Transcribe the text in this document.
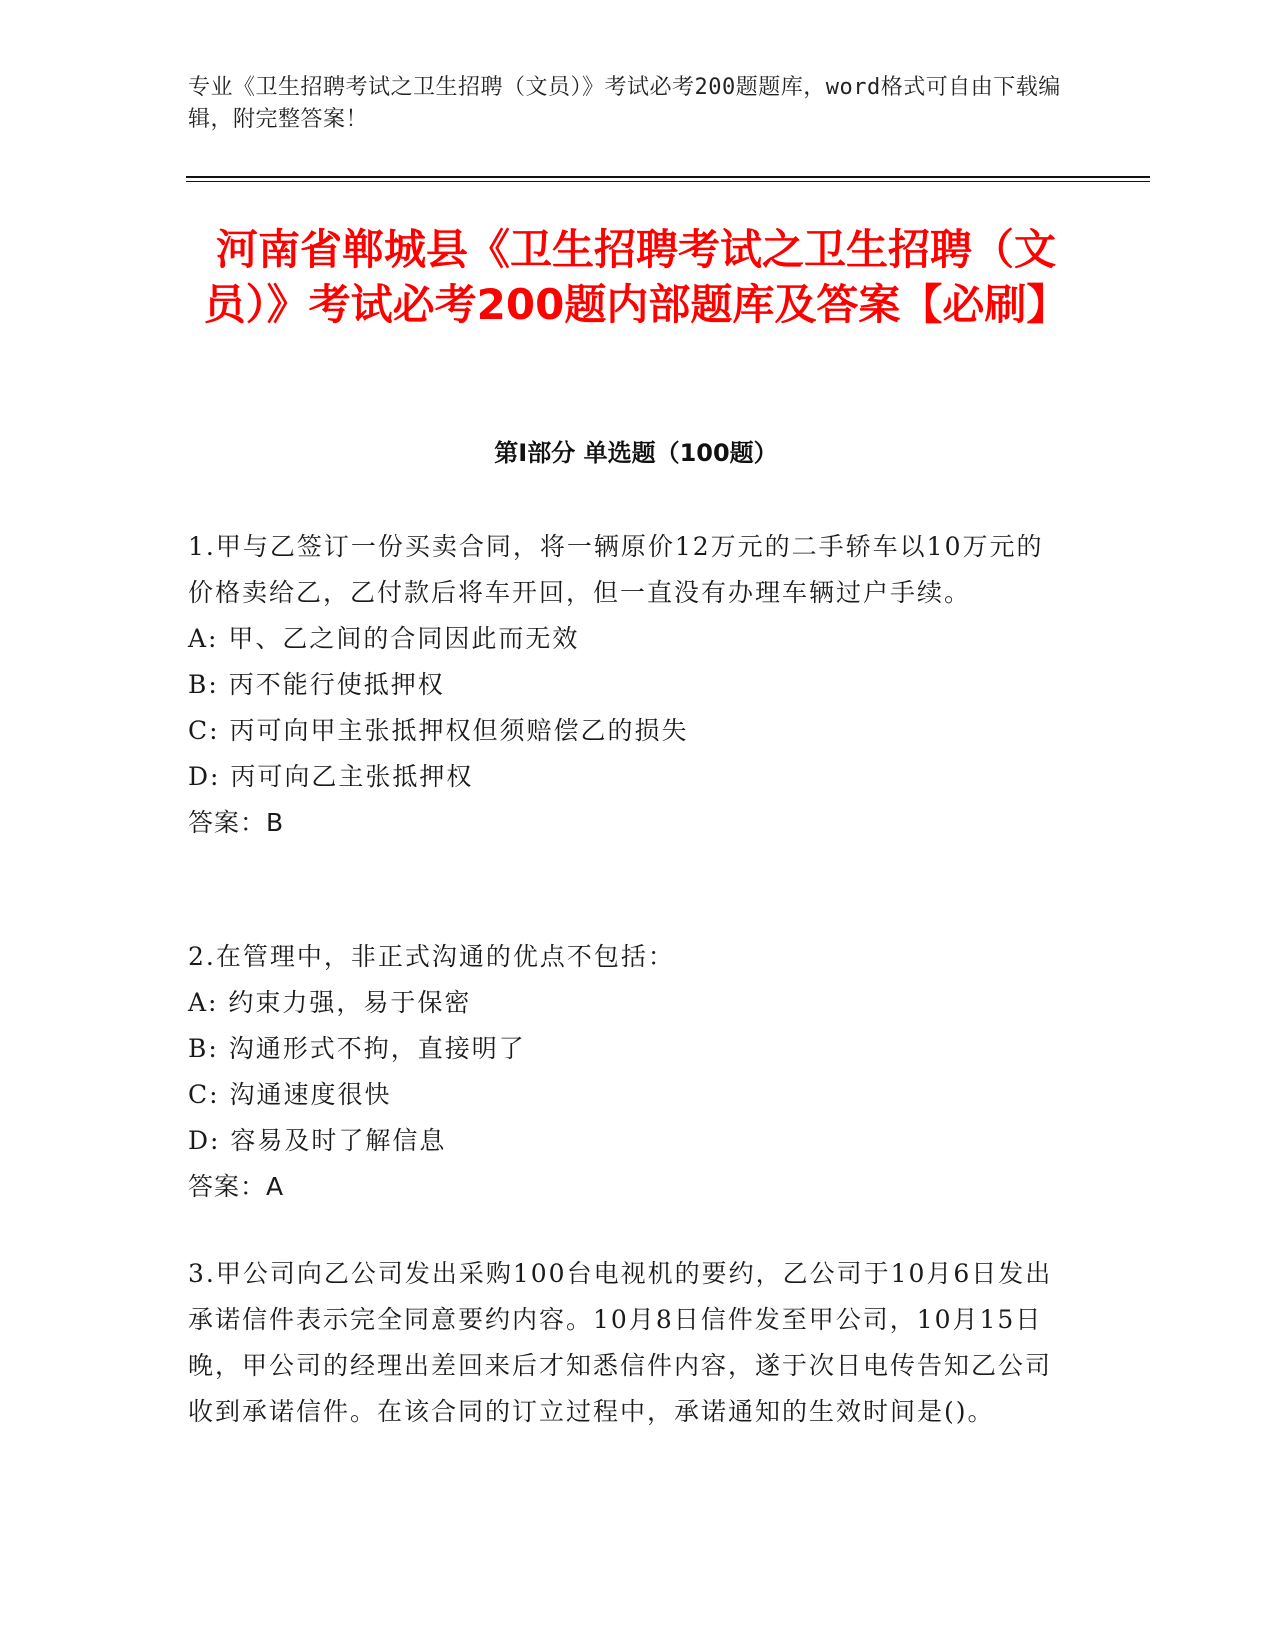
专业《卫生招聘考试之卫生招聘（文员）》考试必考200题题库，word格式可自由下载编辑，附完整答案！
河南省郸城县《卫生招聘考试之卫生招聘（文员）》考试必考200题内部题库及答案【必刷】
第I部分 单选题（100题）

1.甲与乙签订一份买卖合同，将一辆原价12万元的二手轿车以10万元的价格卖给乙，乙付款后将车开回，但一直没有办理车辆过户手续。

A: 甲、乙之间的合同因此而无效

B: 丙不能行使抵押权

C: 丙可向甲主张抵押权但须赔偿乙的损失

D: 丙可向乙主张抵押权

答案：B

2.在管理中，非正式沟通的优点不包括：

A: 约束力强，易于保密

B: 沟通形式不拘，直接明了

C: 沟通速度很快

D: 容易及时了解信息

答案：A

3.甲公司向乙公司发出采购100台电视机的要约，乙公司于10月6日发出承诺信件表示完全同意要约内容。10月8日信件发至甲公司，10月15日晚，甲公司的经理出差回来后才知悉信件内容，遂于次日电传告知乙公司收到承诺信件。在该合同的订立过程中，承诺通知的生效时间是()。
